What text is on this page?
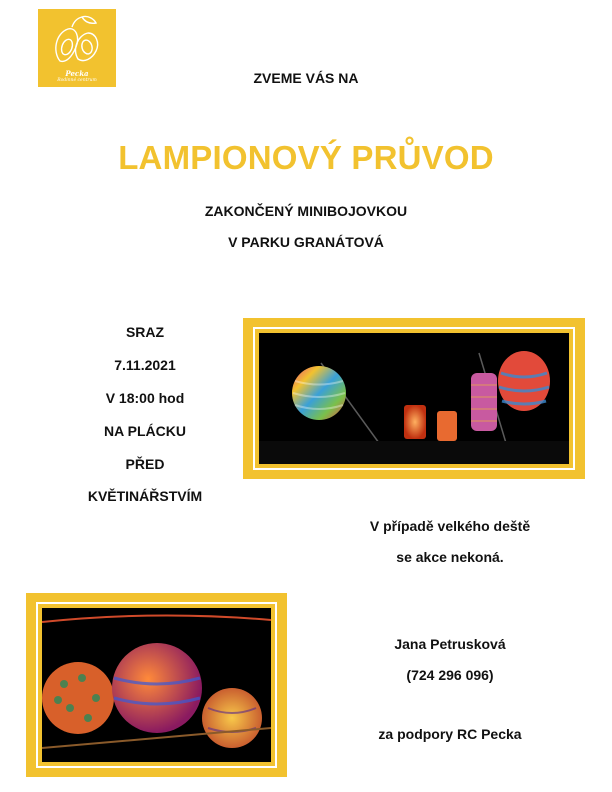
Pecka
Rodinné centrum	ZVEME VÁS NA
LAMPIONOVÝ PRŮVOD
ZAKONČENÝ MINIBOJOVKOU
V PARKU GRANÁTOVÁ
SRAZ
7.11.2021
V 18:00 hod
NA PLÁCKU
PŘED
KVĚTINÁŘSTVÍM
V případě velkého deště
se akce nekoná.
Jana Petrusková
(724 296 096)
za podpory RC Pecka
